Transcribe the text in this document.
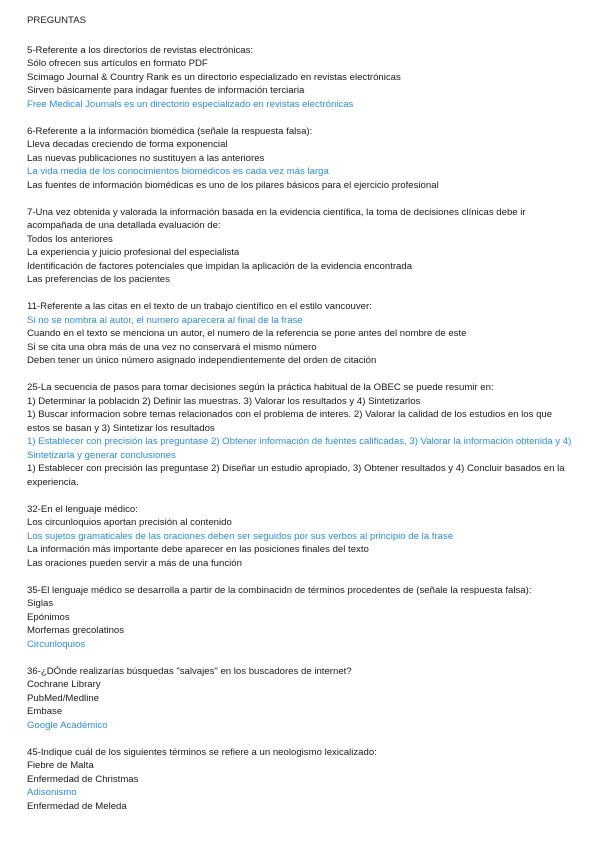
PREGUNTAS
5-Referente a los directorios de revistas electrónicas:
Sólo ofrecen sus artículos en formato PDF
Scimago Journal & Country Rank es un directorio especializado en revistas electrónicas
Sirven básicamente para indagar fuentes de información terciaria
Free Medical Journals es un directorio especializado en revistas electrónicas
6-Referente a la información biomédica (señale la respuesta falsa):
Lleva decadas creciendo de forma exponencial
Las nuevas publicaciones no sustituyen a las anteriores
La vida media de los conocimientos biomédicos es cada vez más larga
Las fuentes de información biomédicas es uno de los pilares básicos para el ejercicio profesional
7-Una vez obtenida y valorada la información basada en la evidencia científica, la toma de decisiones clínicas debe ir acompañada de una detallada evaluación de:
Todos los anteriores
La experiencia y juicio profesional del especialista
Identificación de factores potenciales que impidan la aplicación de la evidencia encontrada
Las preferencias de los pacientes
11-Referente a las citas en el texto de un trabajo científico en el estilo vancouver:
Si no se nombra al autor, el numero aparecera al final de la frase
Cuando en el texto se menciona un autor, el numero de la referencia se pone antes del nombre de este
Si se cita una obra más de una vez no conservará el mismo número
Deben tener un único número asignado independientemente del orden de citación
25-La secuencia de pasos para tomar decisiones según la práctica habitual de la OBEC se puede resumir en:
1) Determinar la poblacidn 2) Definir las muestras. 3) Valorar los resultados y 4) Sintetizarlos
1) Buscar informacion sobre temas relacionados con el problema de interes. 2) Valorar la calidad de los estudios en los que estos se basan y 3) Sintetizar los resultados
1) Establecer con precisión las preguntase 2) Obtener información de fuentes calificadas, 3) Valorar la información obtenida y 4) Sintetizarla y generar conclusiones
1) Establecer con precisión las preguntase 2) Diseñar un estudio apropiado, 3) Obtener resultados y 4) Concluir basados en la experiencia.
32-En el lenguaje médico:
Los circunloquios aportan precisión al contenido
Los sujetos gramaticales de las oraciones deben ser seguidos por sus verbos al principio de la frase
La información más importante debe aparecer en las posiciones finales del texto
Las oraciones pueden servir a más de una función
35-El lenguaje médico se desarrolla a partir de la combinacidn de términos procedentes de (señale la respuesta falsa):
Siglas
Epónimos
Morfemas grecolatinos
Circunloquios
36-¿DÓnde realizarías búsquedas "salvajes" en los buscadores de internet?
Cochrane Library
PubMed/Medline
Embase
Google Académico
45-Indique cuál de los siguientes términos se refiere a un neologismo lexicalizado:
Fiebre de Malta
Enfermedad de Christmas
Adisonismo
Enfermedad de Meleda
